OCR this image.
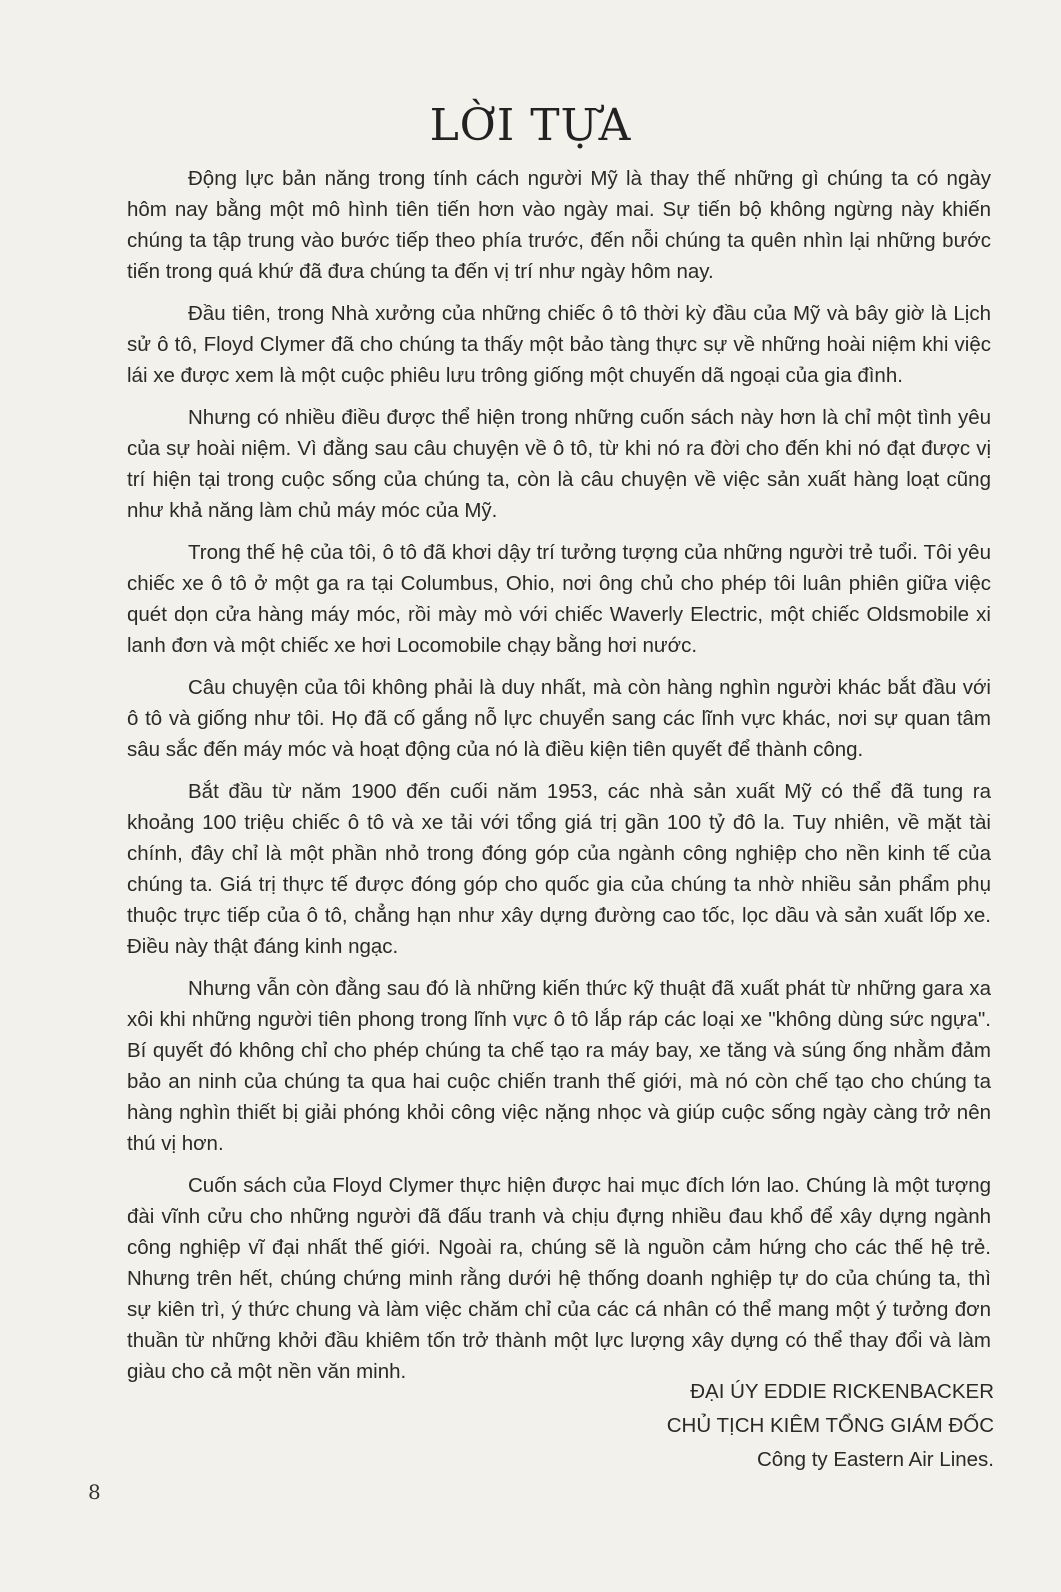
LỜI TỰA

Động lực bản năng trong tính cách người Mỹ là thay thế những gì chúng ta có ngày hôm nay bằng một mô hình tiên tiến hơn vào ngày mai. Sự tiến bộ không ngừng này khiến chúng ta tập trung vào bước tiếp theo phía trước, đến nỗi chúng ta quên nhìn lại những bước tiến trong quá khứ đã đưa chúng ta đến vị trí như ngày hôm nay.

Đầu tiên, trong Nhà xưởng của những chiếc ô tô thời kỳ đầu của Mỹ và bây giờ là Lịch sử ô tô, Floyd Clymer đã cho chúng ta thấy một bảo tàng thực sự về những hoài niệm khi việc lái xe được xem là một cuộc phiêu lưu trông giống một chuyến dã ngoại của gia đình.

Nhưng có nhiều điều được thể hiện trong những cuốn sách này hơn là chỉ một tình yêu của sự hoài niệm. Vì đằng sau câu chuyện về ô tô, từ khi nó ra đời cho đến khi nó đạt được vị trí hiện tại trong cuộc sống của chúng ta, còn là câu chuyện về việc sản xuất hàng loạt cũng như khả năng làm chủ máy móc của Mỹ.

Trong thế hệ của tôi, ô tô đã khơi dậy trí tưởng tượng của những người trẻ tuổi. Tôi yêu chiếc xe ô tô ở một ga ra tại Columbus, Ohio, nơi ông chủ cho phép tôi luân phiên giữa việc quét dọn cửa hàng máy móc, rồi mày mò với chiếc Waverly Electric, một chiếc Oldsmobile xi lanh đơn và một chiếc xe hơi Locomobile chạy bằng hơi nước.

Câu chuyện của tôi không phải là duy nhất, mà còn hàng nghìn người khác bắt đầu với ô tô và giống như tôi. Họ đã cố gắng nỗ lực chuyển sang các lĩnh vực khác, nơi sự quan tâm sâu sắc đến máy móc và hoạt động của nó là điều kiện tiên quyết để thành công.

Bắt đầu từ năm 1900 đến cuối năm 1953, các nhà sản xuất Mỹ có thể đã tung ra khoảng 100 triệu chiếc ô tô và xe tải với tổng giá trị gần 100 tỷ đô la. Tuy nhiên, về mặt tài chính, đây chỉ là một phần nhỏ trong đóng góp của ngành công nghiệp cho nền kinh tế của chúng ta. Giá trị thực tế được đóng góp cho quốc gia của chúng ta nhờ nhiều sản phẩm phụ thuộc trực tiếp của ô tô, chẳng hạn như xây dựng đường cao tốc, lọc dầu và sản xuất lốp xe. Điều này thật đáng kinh ngạc.

Nhưng vẫn còn đằng sau đó là những kiến thức kỹ thuật đã xuất phát từ những gara xa xôi khi những người tiên phong trong lĩnh vực ô tô lắp ráp các loại xe "không dùng sức ngựa". Bí quyết đó không chỉ cho phép chúng ta chế tạo ra máy bay, xe tăng và súng ống nhằm đảm bảo an ninh của chúng ta qua hai cuộc chiến tranh thế giới, mà nó còn chế tạo cho chúng ta hàng nghìn thiết bị giải phóng khỏi công việc nặng nhọc và giúp cuộc sống ngày càng trở nên thú vị hơn.

Cuốn sách của Floyd Clymer thực hiện được hai mục đích lớn lao. Chúng là một tượng đài vĩnh cửu cho những người đã đấu tranh và chịu đựng nhiều đau khổ để xây dựng ngành công nghiệp vĩ đại nhất thế giới. Ngoài ra, chúng sẽ là nguồn cảm hứng cho các thế hệ trẻ. Nhưng trên hết, chúng chứng minh rằng dưới hệ thống doanh nghiệp tự do của chúng ta, thì sự kiên trì, ý thức chung và làm việc chăm chỉ của các cá nhân có thể mang một ý tưởng đơn thuần từ những khởi đầu khiêm tốn trở thành một lực lượng xây dựng có thể thay đổi và làm giàu cho cả một nền văn minh.

ĐẠI ÚY EDDIE RICKENBACKER
CHỦ TỊCH KIÊM TỔNG GIÁM ĐỐC
Công ty Eastern Air Lines.
8
